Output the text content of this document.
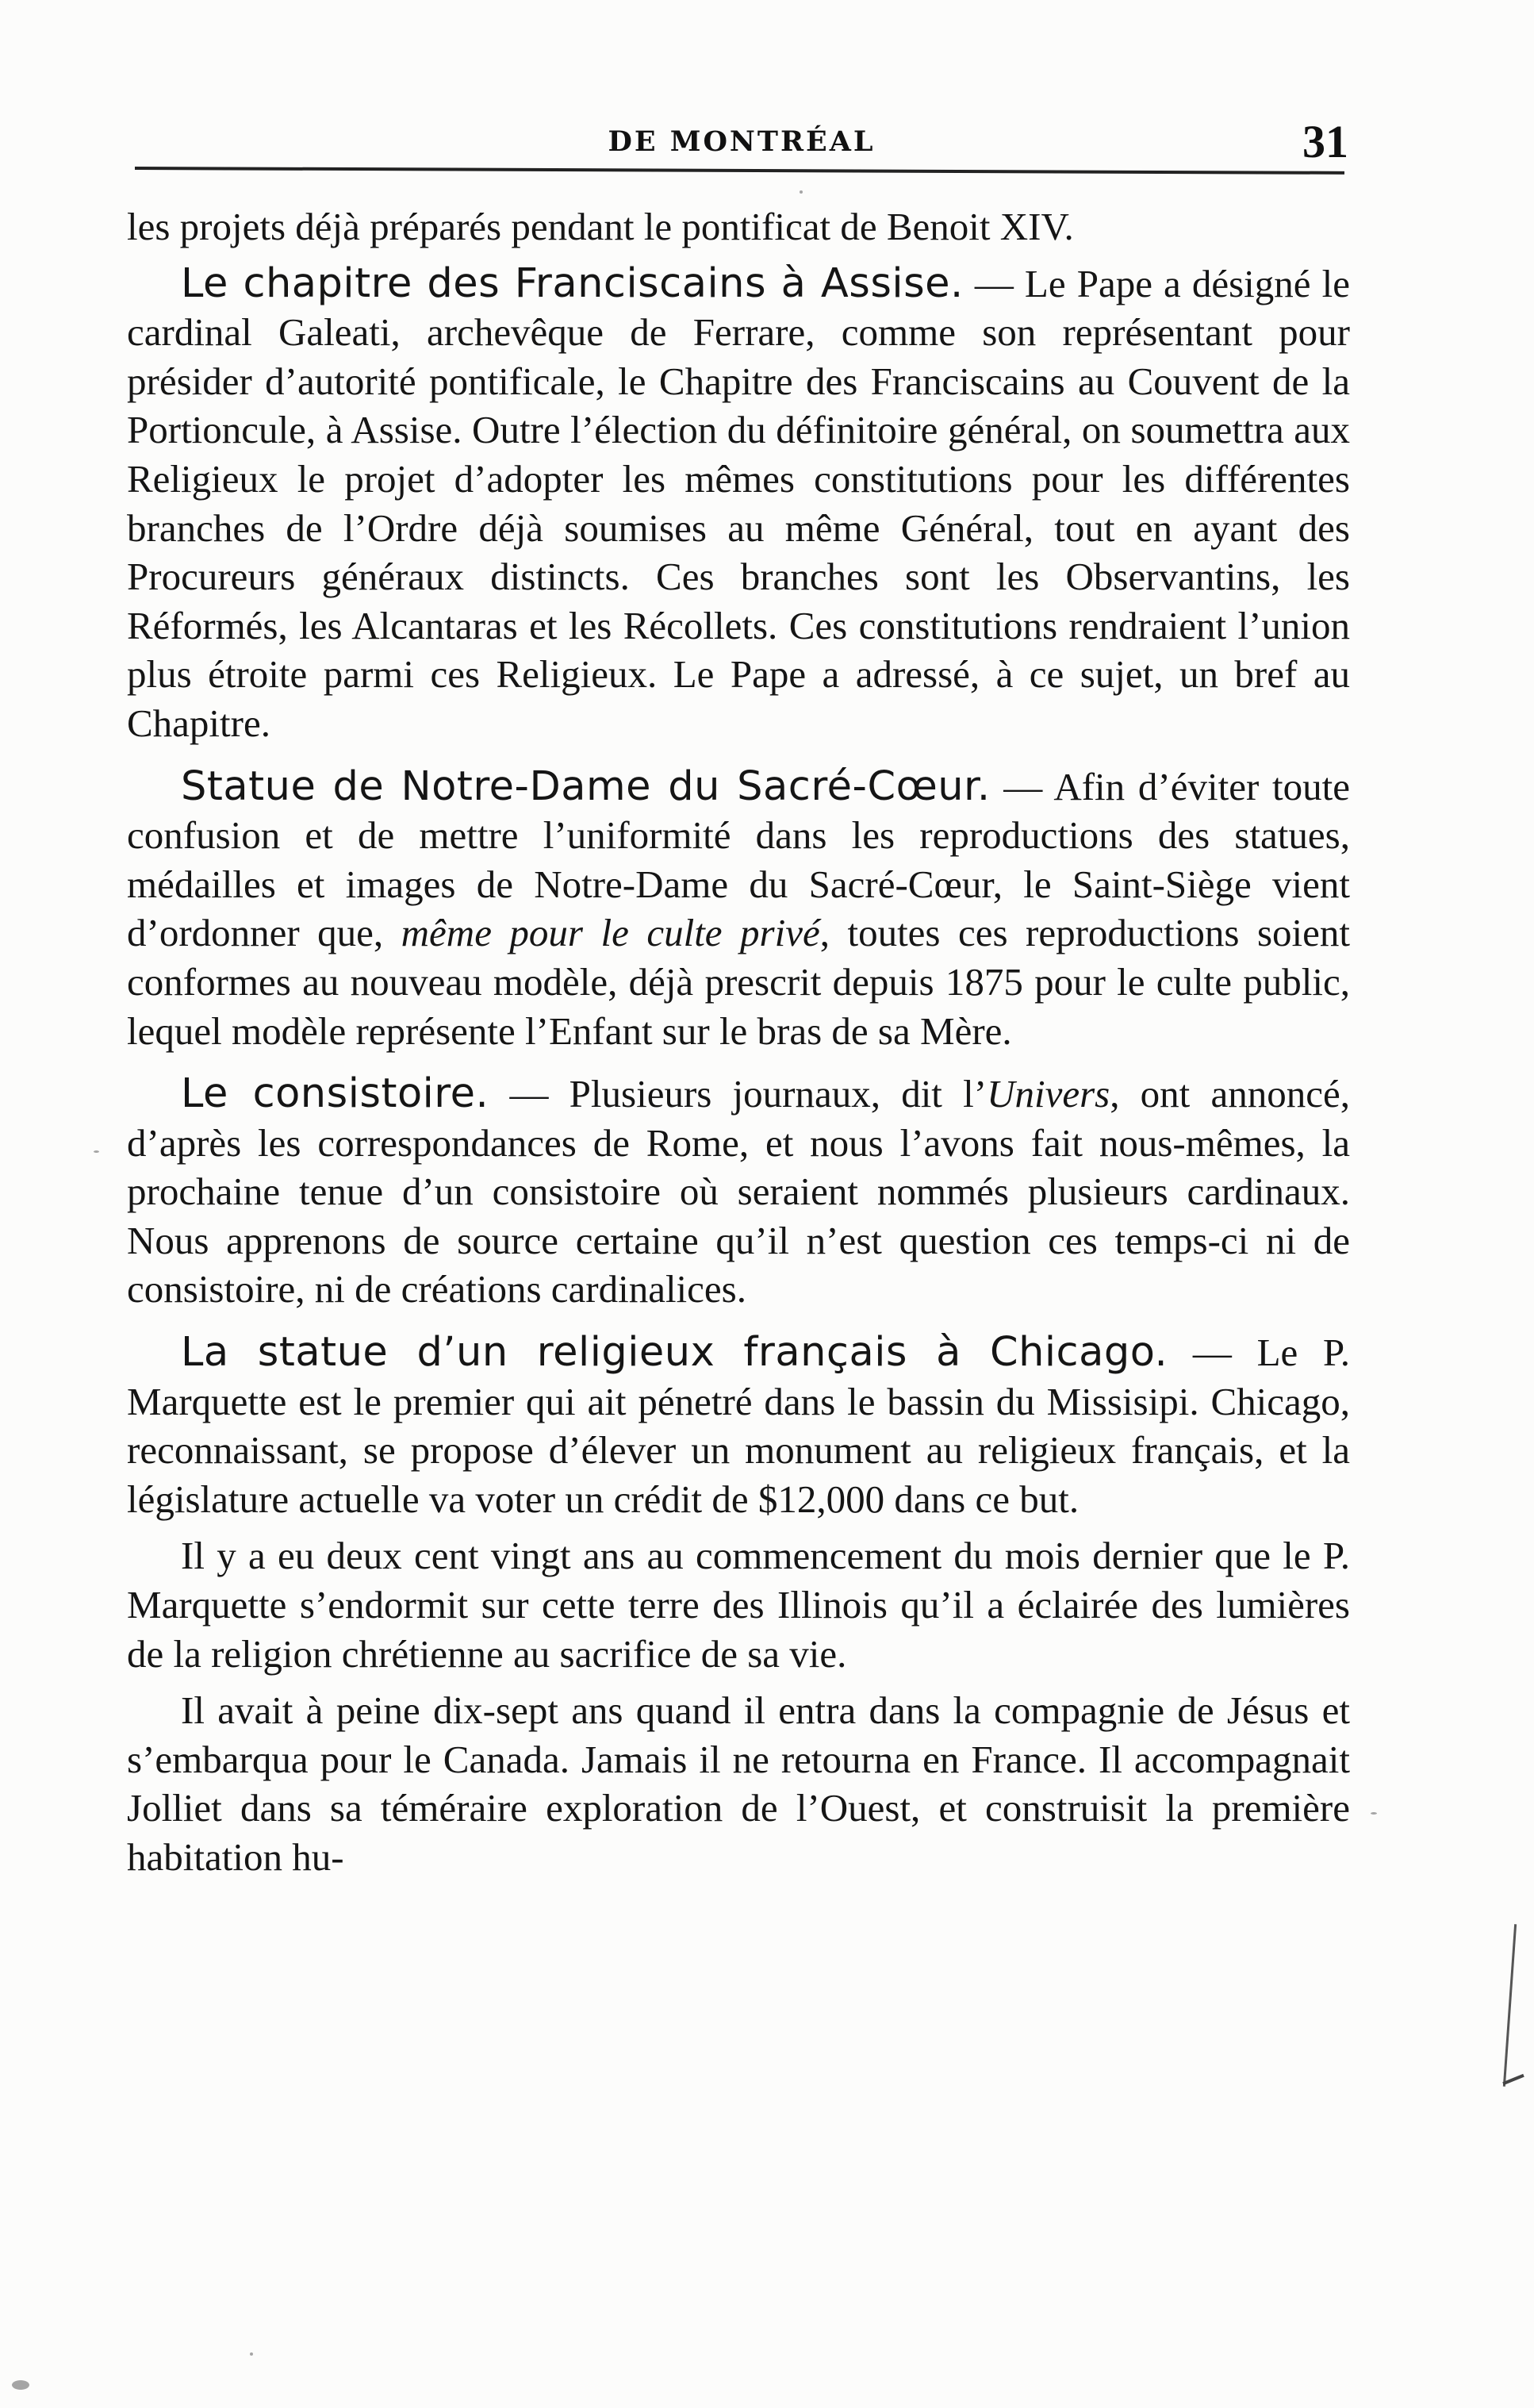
DE MONTRÉAL	31

les projets déjà préparés pendant le pontificat de Benoit XIV.

Le chapitre des Franciscains à Assise. — Le Pape a désigné le cardinal Galeati, archevêque de Ferrare, comme son représentant pour présider d’autorité pontificale, le Chapitre des Franciscains au Couvent de la Portioncule, à Assise. Outre l’élection du définitoire général, on soumettra aux Religieux le projet d’adopter les mêmes constitutions pour les différentes branches de l’Ordre déjà soumises au même Général, tout en ayant des Procureurs généraux distincts. Ces branches sont les Observantins, les Réformés, les Alcantaras et les Récollets. Ces constitutions rendraient l’union plus étroite parmi ces Religieux. Le Pape a adressé, à ce sujet, un bref au Chapitre.

Statue de Notre-Dame du Sacré-Cœur. — Afin d’éviter toute confusion et de mettre l’uniformité dans les reproductions des statues, médailles et images de Notre-Dame du Sacré-Cœur, le Saint-Siège vient d’ordonner que, même pour le culte privé, toutes ces reproductions soient conformes au nouveau modèle, déjà prescrit depuis 1875 pour le culte public, lequel modèle représente l’Enfant sur le bras de sa Mère.

Le consistoire. — Plusieurs journaux, dit l’Univers, ont annoncé, d’après les correspondances de Rome, et nous l’avons fait nous-mêmes, la prochaine tenue d’un consistoire où seraient nommés plusieurs cardinaux. Nous apprenons de source certaine qu’il n’est question ces temps-ci ni de consistoire, ni de créations cardinalices.

La statue d’un religieux français à Chicago. — Le P. Marquette est le premier qui ait pénetré dans le bassin du Missisipi. Chicago, reconnaissant, se propose d’élever un monument au religieux français, et la législature actuelle va voter un crédit de $12,000 dans ce but.

Il y a eu deux cent vingt ans au commencement du mois dernier que le P. Marquette s’endormit sur cette terre des Illinois qu’il a éclairée des lumières de la religion chrétienne au sacrifice de sa vie.

Il avait à peine dix-sept ans quand il entra dans la compagnie de Jésus et s’embarqua pour le Canada. Jamais il ne retourna en France. Il accompagnait Jolliet dans sa téméraire exploration de l’Ouest, et construisit la première habitation hu-
